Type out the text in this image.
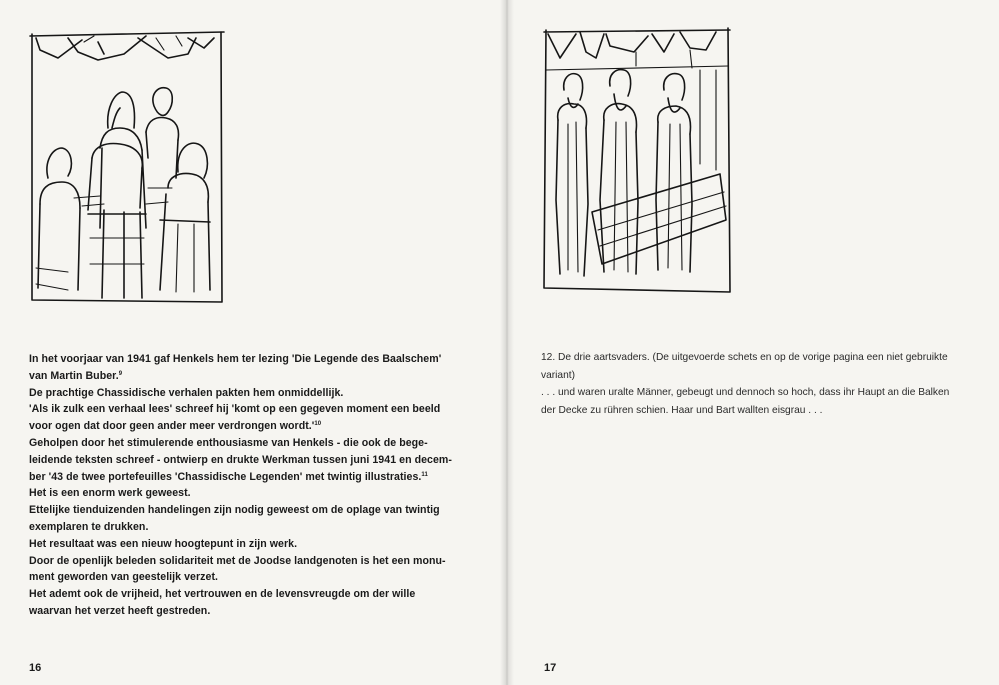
In het voorjaar van 1941 gaf Henkels hem ter lezing 'Die Legende des Baalschem'

van Martin Buber.$^9$

De prachtige Chassidische verhalen pakten hem onmiddellijk.

'Als ik zulk een verhaal lees' schreef hij 'komt op een gegeven moment een beeld

voor ogen dat door geen ander meer verdrongen $wordt.'^{10}$

Geholpen door het stimulerende enthousiasme van Henkels - die ook de bege-

leidende teksten schreef - ontwierp en drukte Werkman tussen juni 1941 en decem-

ber '43 de twee portefeuilles 'Chassidische Legenden' met twintig illustraties.$^{11}$

Het is een enorm werk geweest.

Ettelijke tienduizenden handelingen zijn nodig geweest om de oplage van twintig

exemplaren te drukken.

Het resultaat was een nieuw hoogtepunt in zijn werk.

Door de openlijk beleden solidariteit met de Joodse landgenoten is het een monu-

ment geworden van geestelijk verzet.

Het ademt ook de vrijheid, het vertrouwen en de levensvreugde om der wille

waarvan het verzet heeft gestreden.

16

12. De drie aartsvaders. (De uitgevoerde schets en op de vorige pagina een niet gebruikte

variant)

. . . und waren uralte Männer, gebeugt und dennoch so hoch, dass ihr Haupt an die Balken

der Decke zu rühren schien. Haar und Bart wallten eisgrau . . .

17
